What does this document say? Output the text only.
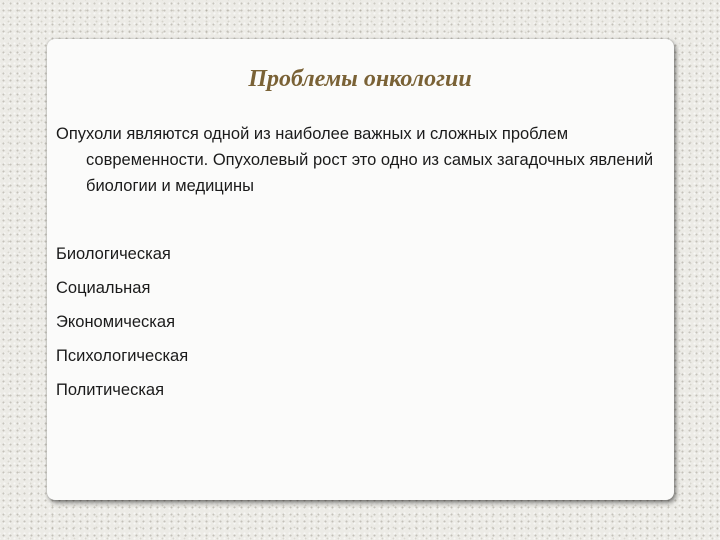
Проблемы онкологии

Опухоли являются одной из наиболее важных и сложных проблем современности. Опухолевый рост это одно из самых загадочных явлений биологии и медицины

Биологическая
Социальная
Экономическая
Психологическая
Политическая
